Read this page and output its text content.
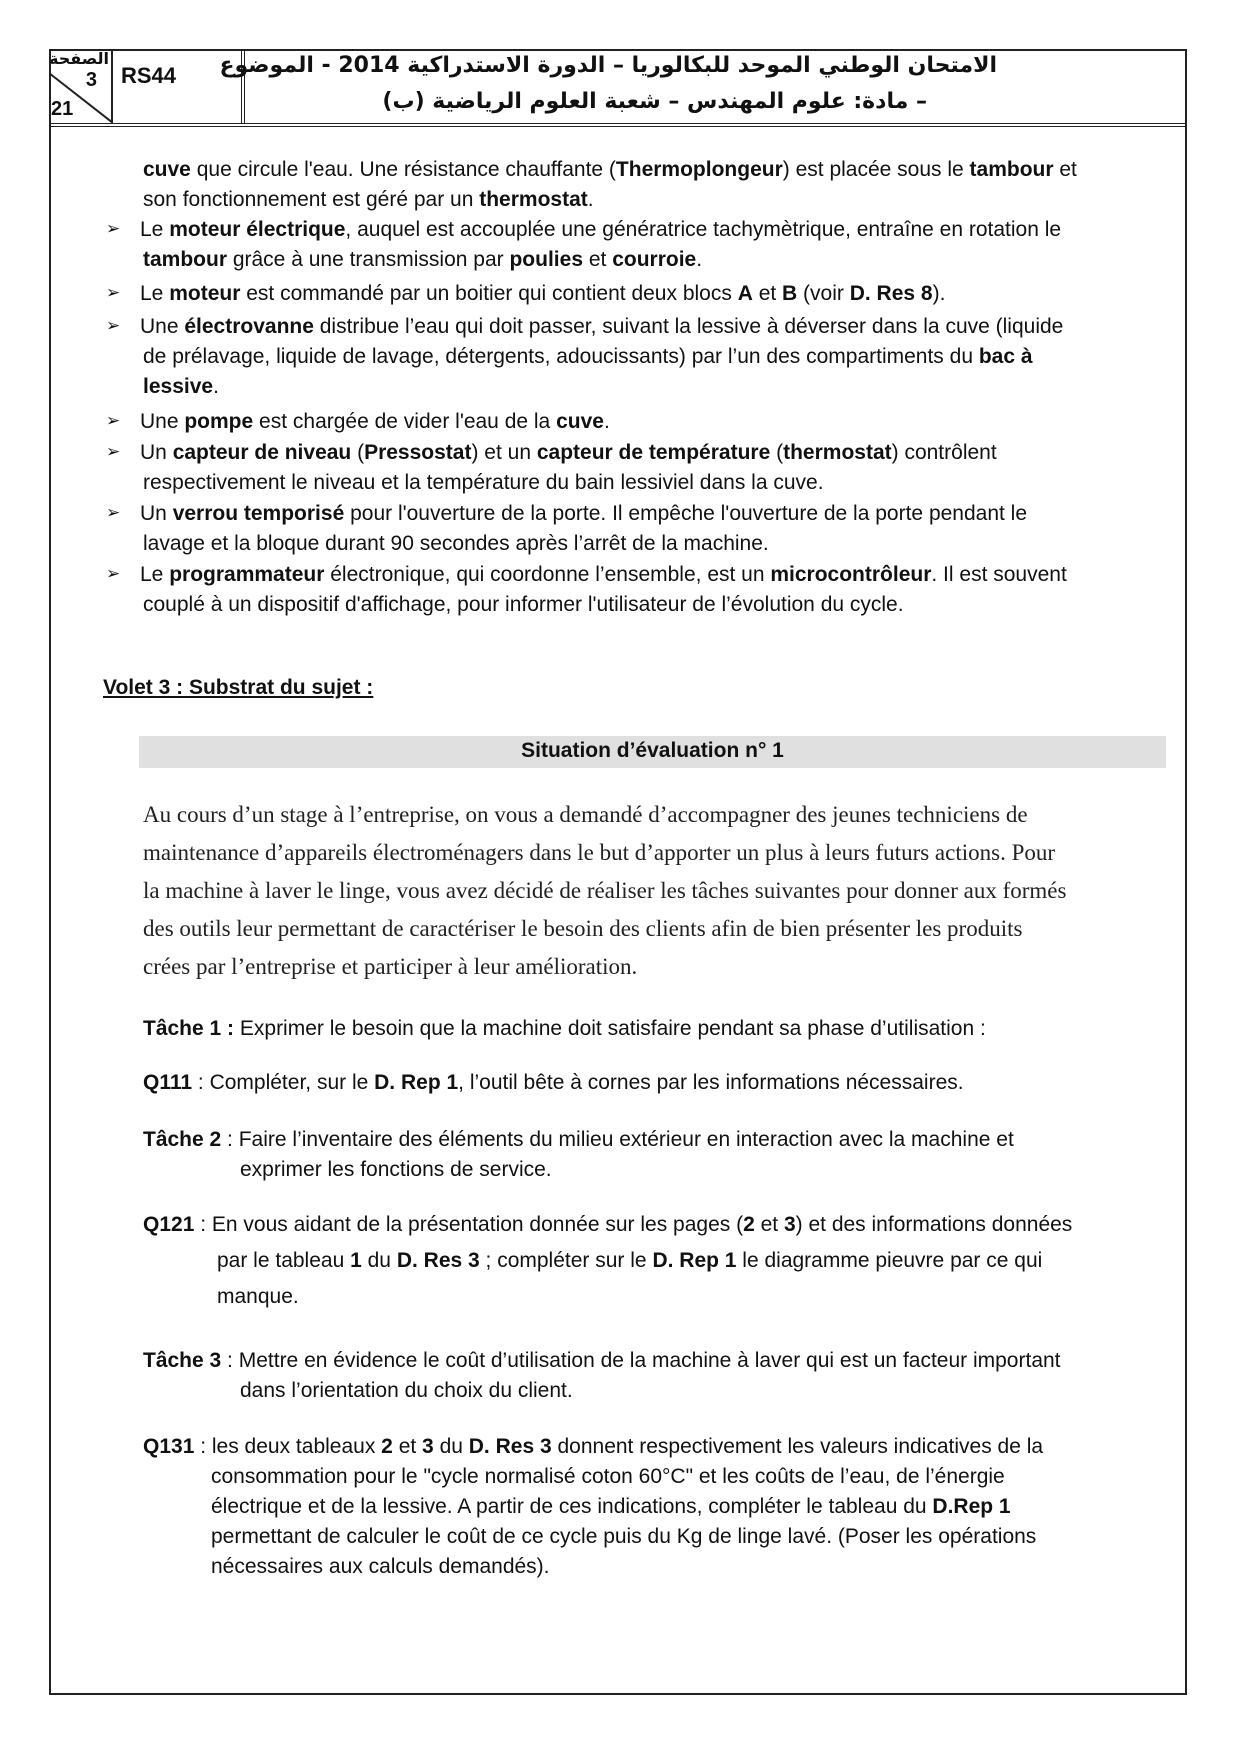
الصفحة
3
21
RS44 الامتحان الوطني الموحد للبكالوريا – الدورة الاستدراكية 2014 - الموضوع
– مادة: علوم المهندس – شعبة العلوم الرياضية (ب)
cuve que circule l'eau. Une résistance chauffante (Thermoplongeur) est placée sous le tambour et
son fonctionnement est géré par un thermostat.
➢ Le moteur électrique, auquel est accouplée une génératrice tachymètrique, entraîne en rotation le
tambour grâce à une transmission par poulies et courroie.
➢ Le moteur est commandé par un boitier qui contient deux blocs A et B (voir D. Res 8).
➢ Une électrovanne distribue l’eau qui doit passer, suivant la lessive à déverser dans la cuve (liquide
de prélavage, liquide de lavage, détergents, adoucissants) par l’un des compartiments du bac à
lessive.
➢ Une pompe est chargée de vider l'eau de la cuve.
➢ Un capteur de niveau (Pressostat) et un capteur de température (thermostat) contrôlent
respectivement le niveau et la température du bain lessiviel dans la cuve.
➢ Un verrou temporisé pour l'ouverture de la porte. Il empêche l'ouverture de la porte pendant le
lavage et la bloque durant 90 secondes après l’arrêt de la machine.
➢ Le programmateur électronique, qui coordonne l’ensemble, est un microcontrôleur. Il est souvent
couplé à un dispositif d'affichage, pour informer l'utilisateur de l’évolution du cycle.
Volet 3 : Substrat du sujet :
Situation d’évaluation n° 1
Au cours d’un stage à l’entreprise, on vous a demandé d’accompagner des jeunes techniciens de
maintenance d’appareils électroménagers dans le but d’apporter un plus à leurs futurs actions. Pour
la machine à laver le linge, vous avez décidé de réaliser les tâches suivantes pour donner aux formés
des outils leur permettant de caractériser le besoin des clients afin de bien présenter les produits
crées par l’entreprise et participer à leur amélioration.
Tâche 1 : Exprimer le besoin que la machine doit satisfaire pendant sa phase d’utilisation :
Q111 : Compléter, sur le D. Rep 1, l’outil bête à cornes par les informations nécessaires.
Tâche 2 : Faire l’inventaire des éléments du milieu extérieur en interaction avec la machine et
exprimer les fonctions de service.
Q121 : En vous aidant de la présentation donnée sur les pages (2 et 3) et des informations données
par le tableau 1 du D. Res 3 ; compléter sur le D. Rep 1 le diagramme pieuvre par ce qui
manque.
Tâche 3 : Mettre en évidence le coût d’utilisation de la machine à laver qui est un facteur important
dans l’orientation du choix du client.
Q131 : les deux tableaux 2 et 3 du D. Res 3 donnent respectivement les valeurs indicatives de la
consommation pour le "cycle normalisé coton 60°C" et les coûts de l’eau, de l’énergie
électrique et de la lessive. A partir de ces indications, compléter le tableau du D.Rep 1
permettant de calculer le coût de ce cycle puis du Kg de linge lavé. (Poser les opérations
nécessaires aux calculs demandés).
